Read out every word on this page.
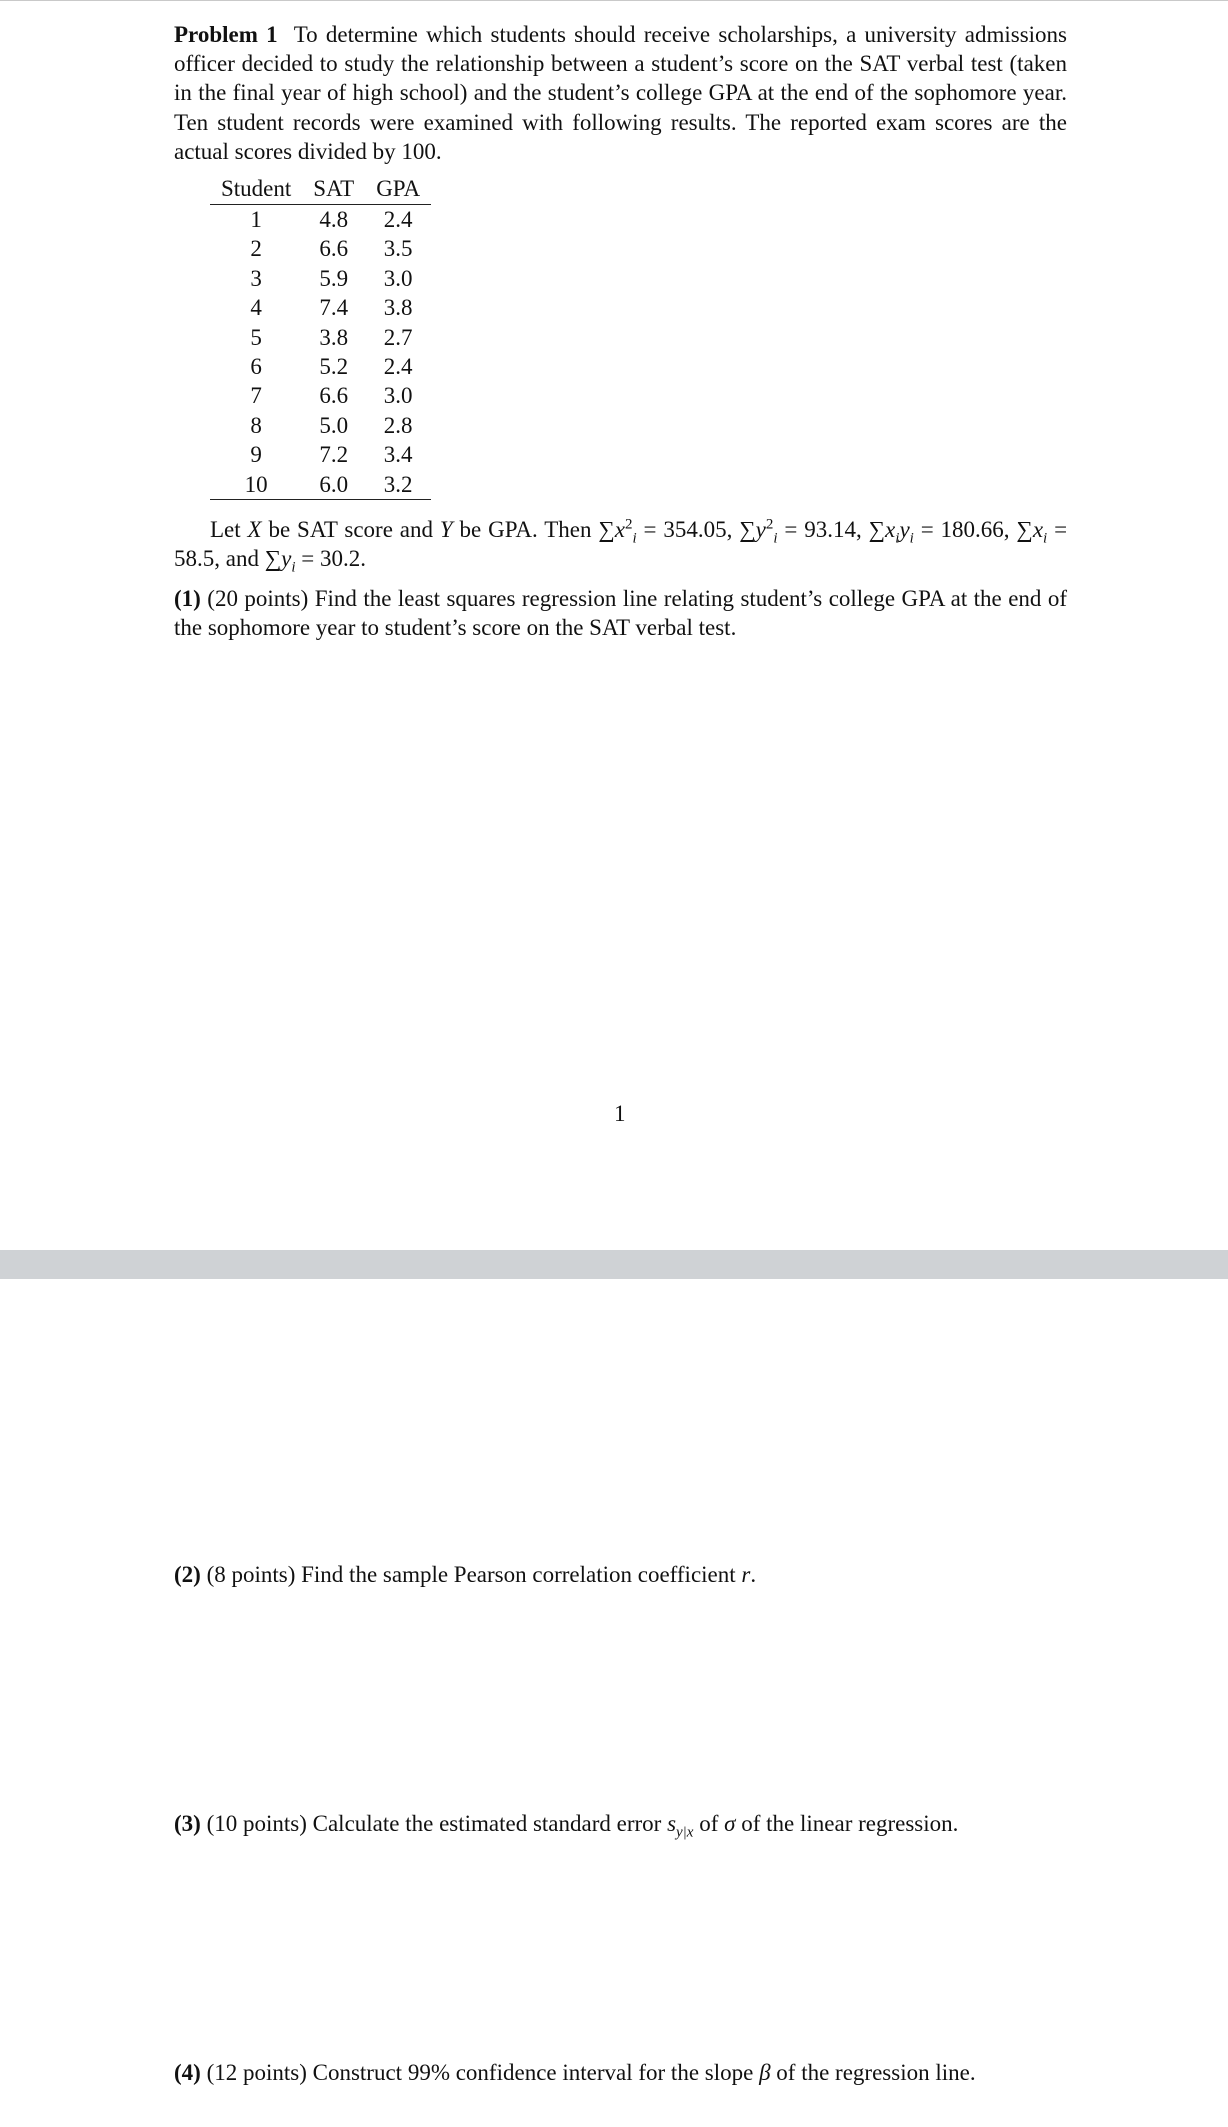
Problem 1 To determine which students should receive scholarships, a university admissions officer decided to study the relationship between a student’s score on the SAT verbal test (taken in the final year of high school) and the student’s college GPA at the end of the sophomore year. Ten student records were examined with following results. The reported exam scores are the actual scores divided by 100.

Student	SAT	GPA
1	4.8	2.4
2	6.6	3.5
3	5.9	3.0
4	7.4	3.8
5	3.8	2.7
6	5.2	2.4
7	6.6	3.0
8	5.0	2.8
9	7.2	3.4
10	6.0	3.2

Let X be SAT score and Y be GPA. Then $\sum x^2_i = 354.05$, $\sum y^2_i = 93.14$, $\sum x_iy_i = 180.66$, $\sum x_i = 58.5$, and $\sum y_i = 30.2$.

(1) (20 points) Find the least squares regression line relating student’s college GPA at the end of the sophomore year to student’s score on the SAT verbal test.

1

(2) (8 points) Find the sample Pearson correlation coefficient r.

(3) (10 points) Calculate the estimated standard error $s_{y|x}$ of σ of the linear regression.

(4) (12 points) Construct 99% confidence interval for the slope β of the regression line.
